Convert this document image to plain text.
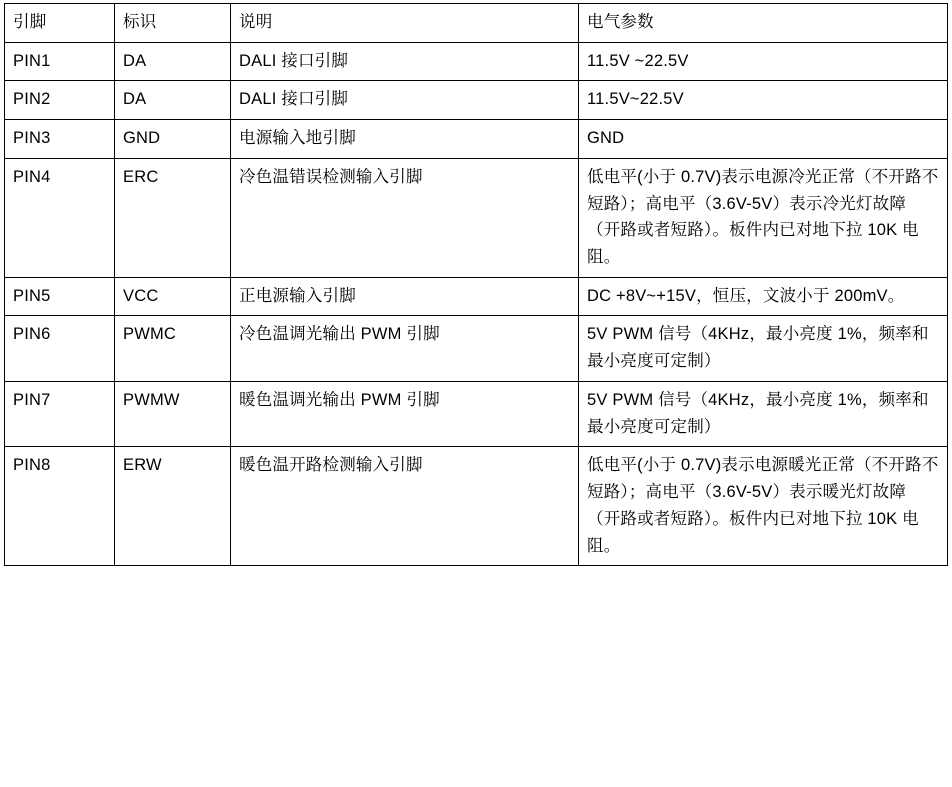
引脚	标识	说明	电气参数

PIN1	DA	DALI 接口引脚	11.5V ~22.5V

PIN2	DA	DALI 接口引脚	11.5V~22.5V

PIN3	GND	电源输入地引脚	GND

PIN4	ERC	冷色温错误检测输入引脚	低电平(小于 0.7V)表示电源冷光正常（不开路不短路）；高电平（3.6V-5V）表示冷光灯故障（开路或者短路）。板件内已对地下拉 10K 电阻。

PIN5	VCC	正电源输入引脚	DC +8V~+15V，恒压，文波小于 200mV。

PIN6	PWMC	冷色温调光输出 PWM 引脚	5V PWM 信号（4KHz，最小亮度 1%，频率和最小亮度可定制）

PIN7	PWMW	暖色温调光输出 PWM 引脚	5V PWM 信号（4KHz，最小亮度 1%，频率和最小亮度可定制）

PIN8	ERW	暖色温开路检测输入引脚	低电平(小于 0.7V)表示电源暖光正常（不开路不短路）；高电平（3.6V-5V）表示暖光灯故障（开路或者短路）。板件内已对地下拉 10K 电阻。
